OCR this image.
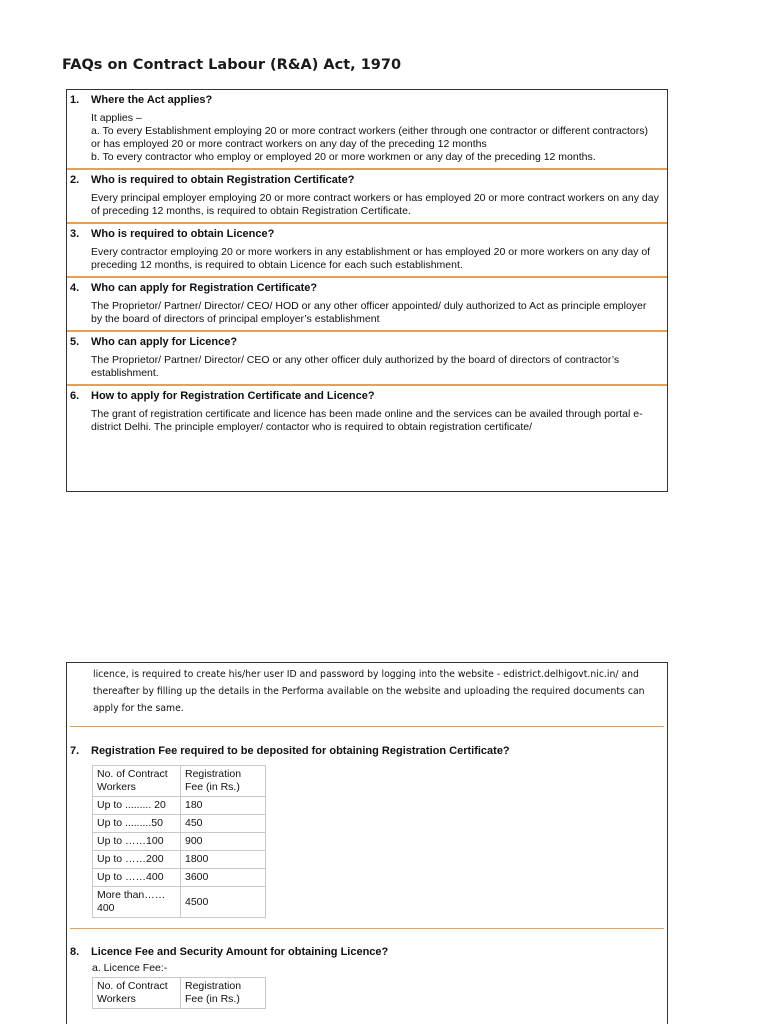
FAQs on Contract Labour (R&A) Act, 1970
1.	Where the Act applies?

It applies –

a. To every Establishment employing 20 or more contract workers (either through one contractor or different contractors) or has employed 20 or more contract workers on any day of the preceding 12 months

b. To every contractor who employ or employed 20 or more workmen or any day of the preceding 12 months.

2.	Who is required to obtain Registration Certificate?

Every principal employer employing 20 or more contract workers or has employed 20 or more contract workers on any day of preceding 12 months, is required to obtain Registration Certificate.

3.	Who is required to obtain Licence?

Every contractor employing 20 or more workers in any establishment or has employed 20 or more workers on any day of preceding 12 months, is required to obtain Licence for each such establishment.

4.	Who can apply for Registration Certificate?

The Proprietor/ Partner/ Director/ CEO/ HOD or any other officer appointed/ duly authorized to Act as principle employer by the board of directors of principal employer’s establishment

5.	Who can apply for Licence?

The Proprietor/ Partner/ Director/ CEO or any other officer duly authorized by the board of directors of contractor’s establishment.

6.	How to apply for Registration Certificate and Licence?

The grant of registration certificate and licence has been made online and the services can be availed through portal e-district Delhi. The principle employer/ contactor who is required to obtain registration certificate/

licence, is required to create his/her user ID and password by logging into the website - edistrict.delhigovt.nic.in/ and thereafter by filling up the details in the Performa available on the website and uploading the required documents can apply for the same.
7.	Registration Fee required to be deposited for obtaining Registration Certificate?
No. of Contract Workers	Registration Fee (in Rs.)
Up to ......... 20	180
Up to .........50	450
Up to ……100	900
Up to ……200	1800
Up to ……400	3600
More than……400	4500
8.	Licence Fee and Security Amount for obtaining Licence?
a. Licence Fee:-
No. of Contract Workers	Registration Fee (in Rs.)
